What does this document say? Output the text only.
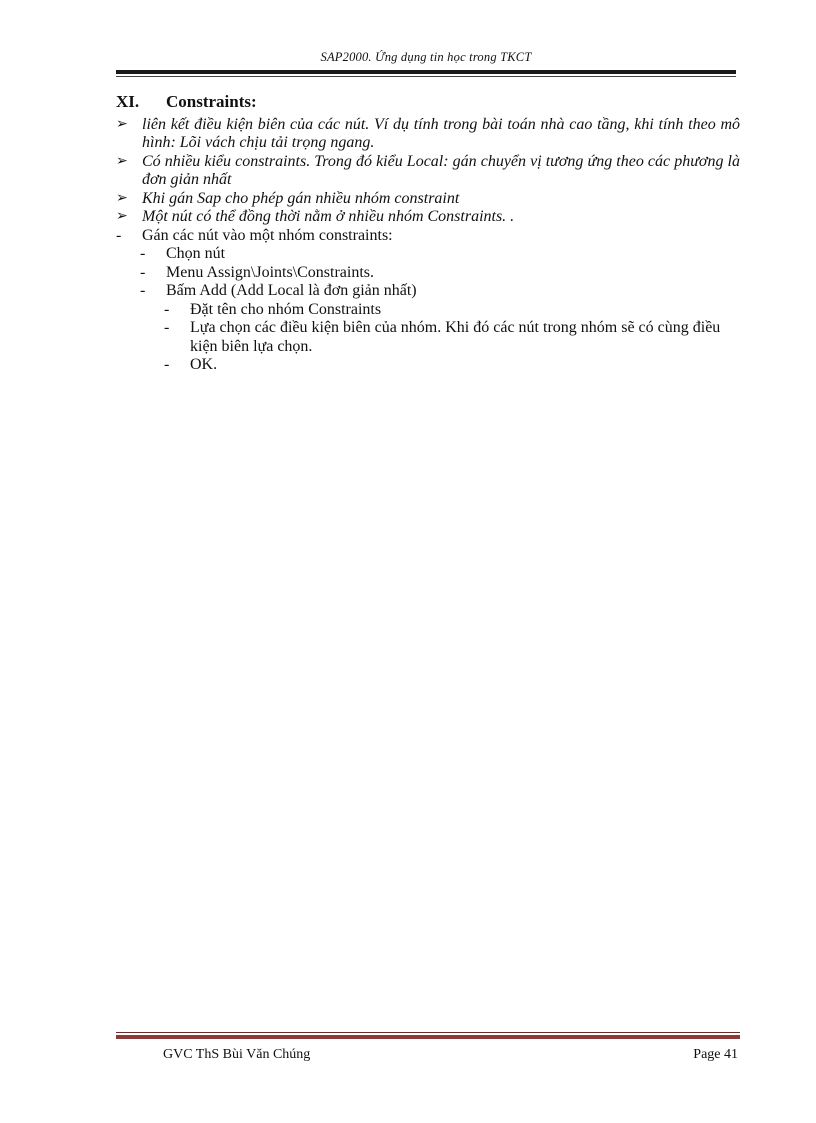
SAP2000. Ứng dụng tin học trong TKCT
XI.	Constraints:
➢ liên kết điều kiện biên của các nút. Ví dụ tính trong bài toán nhà cao tầng, khi tính theo mô hình: Lõi vách chịu tải trọng ngang.
➢ Có nhiều kiểu constraints. Trong đó kiểu Local: gán chuyển vị tương ứng theo các phương là đơn giản nhất
➢ Khi gán Sap cho phép gán nhiều nhóm constraint
➢ Một nút có thể đồng thời nằm ở nhiều nhóm Constraints. .
-	Gán các nút vào một nhóm constraints:
-	Chọn nút
-	Menu Assign\Joints\Constraints.
-	Bấm Add (Add Local là đơn giản nhất)
-	Đặt tên cho nhóm Constraints
-	Lựa chọn các điều kiện biên của nhóm. Khi đó các nút trong nhóm sẽ có cùng điều kiện biên lựa chọn.
-	OK.
GVC ThS Bùi Văn Chúng	Page 41
